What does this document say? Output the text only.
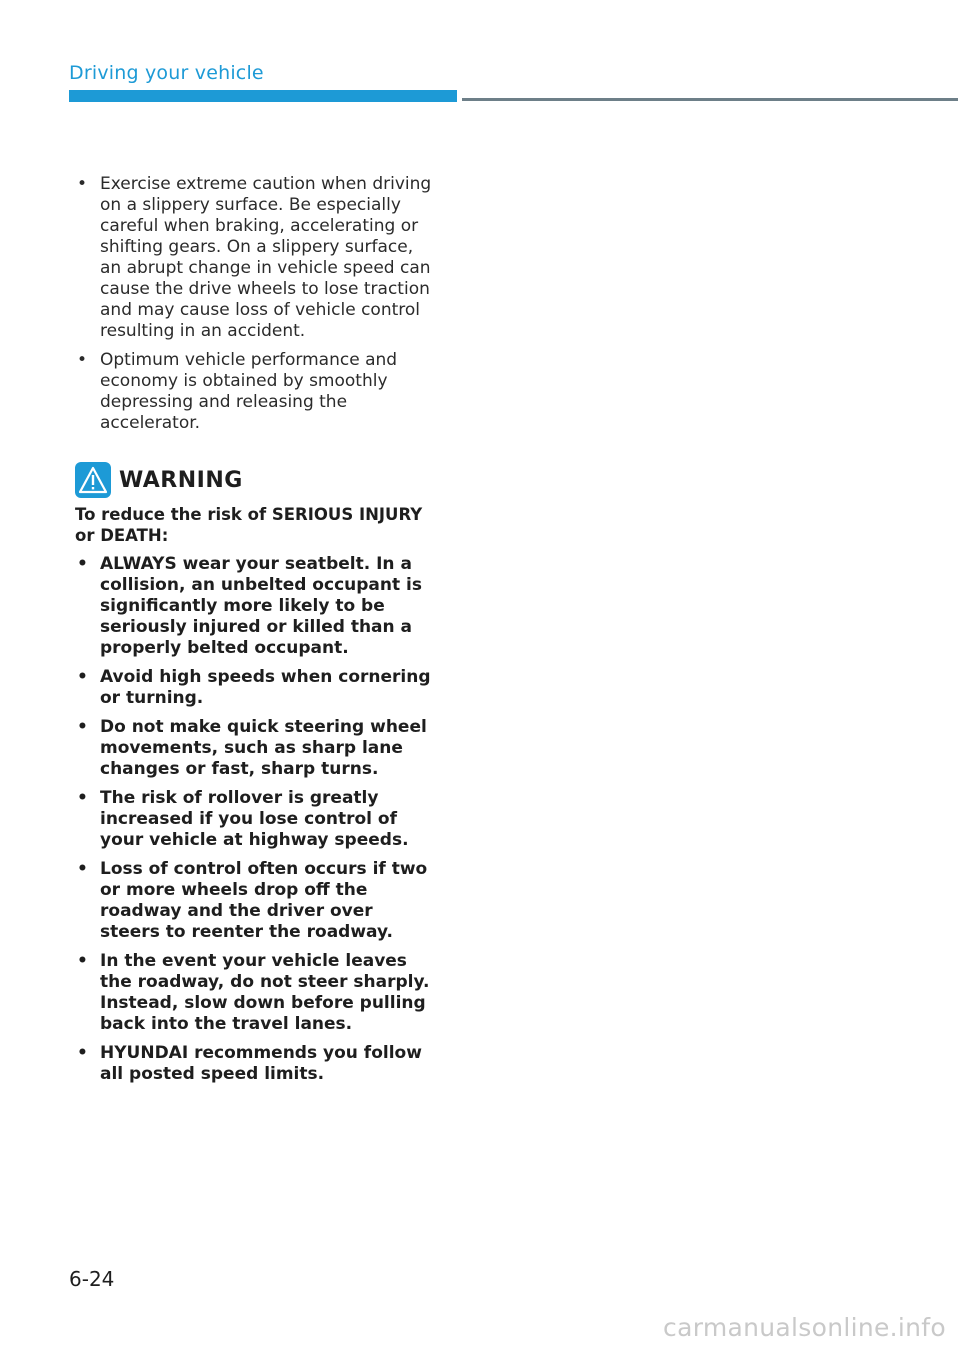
Driving your vehicle
• Exercise extreme caution when driving on a slippery surface. Be especially careful when braking, accelerating or shifting gears. On a slippery surface, an abrupt change in vehicle speed can cause the drive wheels to lose traction and may cause loss of vehicle control resulting in an accident.
• Optimum vehicle performance and economy is obtained by smoothly depressing and releasing the accelerator.
WARNING

To reduce the risk of SERIOUS INJURY or DEATH:

• ALWAYS wear your seatbelt. In a collision, an unbelted occupant is significantly more likely to be seriously injured or killed than a properly belted occupant.
• Avoid high speeds when cornering or turning.
• Do not make quick steering wheel movements, such as sharp lane changes or fast, sharp turns.
• The risk of rollover is greatly increased if you lose control of your vehicle at highway speeds.
• Loss of control often occurs if two or more wheels drop off the roadway and the driver over steers to reenter the roadway.
• In the event your vehicle leaves the roadway, do not steer sharply. Instead, slow down before pulling back into the travel lanes.
• HYUNDAI recommends you follow all posted speed limits.
6-24
carmanualsonline.info
